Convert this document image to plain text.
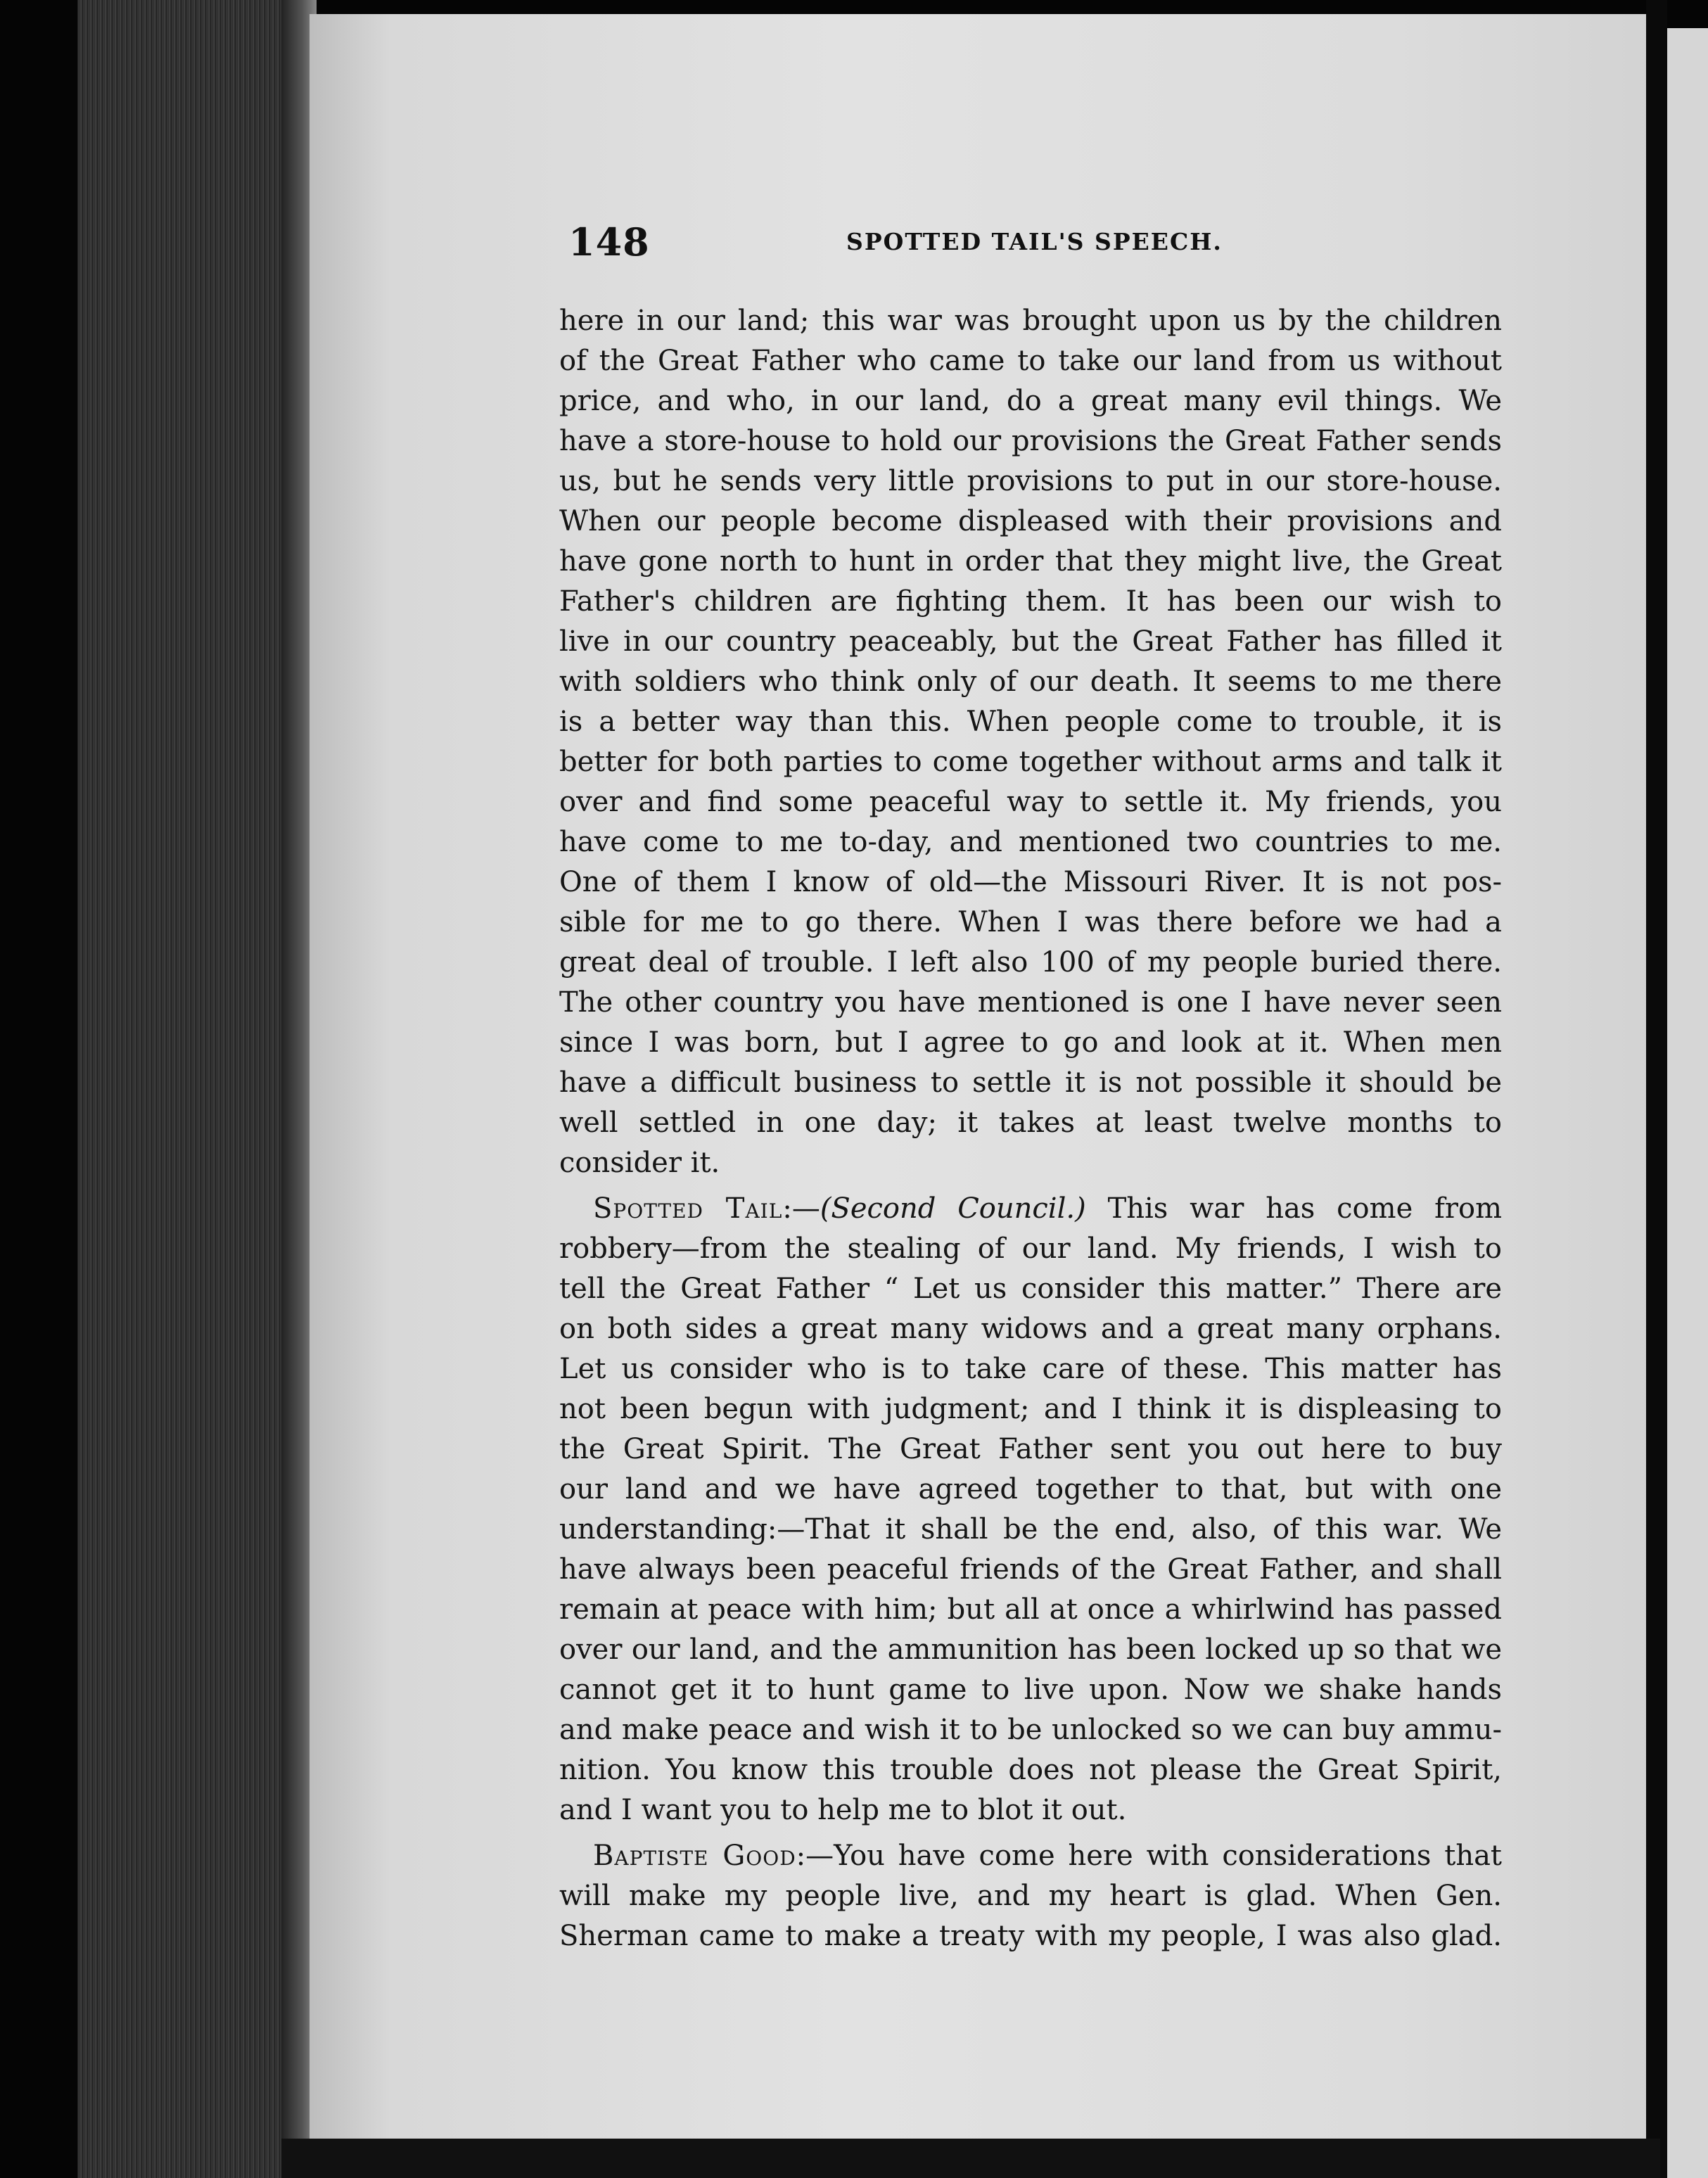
148	SPOTTED TAIL'S SPEECH.
here in our land; this war was brought upon us by the children
of the Great Father who came to take our land from us without
price, and who, in our land, do a great many evil things. We
have a store-house to hold our provisions the Great Father sends
us, but he sends very little provisions to put in our store-house.
When our people become displeased with their provisions and
have gone north to hunt in order that they might live, the Great
Father's children are fighting them. It has been our wish to
live in our country peaceably, but the Great Father has filled it
with soldiers who think only of our death. It seems to me there
is a better way than this. When people come to trouble, it is
better for both parties to come together without arms and talk it
over and find some peaceful way to settle it. My friends, you
have come to me to-day, and mentioned two countries to me.
One of them I know of old—the Missouri River. It is not pos-
sible for me to go there. When I was there before we had a
great deal of trouble. I left also 100 of my people buried there.
The other country you have mentioned is one I have never seen
since I was born, but I agree to go and look at it. When men
have a difficult business to settle it is not possible it should be
well settled in one day; it takes at least twelve months to
consider it.
Spotted Tail:—(Second Council.) This war has come from
robbery—from the stealing of our land. My friends, I wish to
tell the Great Father “ Let us consider this matter.” There are
on both sides a great many widows and a great many orphans.
Let us consider who is to take care of these. This matter has
not been begun with judgment; and I think it is displeasing to
the Great Spirit. The Great Father sent you out here to buy
our land and we have agreed together to that, but with one
understanding:—That it shall be the end, also, of this war. We
have always been peaceful friends of the Great Father, and shall
remain at peace with him; but all at once a whirlwind has passed
over our land, and the ammunition has been locked up so that we
cannot get it to hunt game to live upon. Now we shake hands
and make peace and wish it to be unlocked so we can buy ammu-
nition. You know this trouble does not please the Great Spirit,
and I want you to help me to blot it out.
Baptiste Good:—You have come here with considerations that
will make my people live, and my heart is glad. When Gen.
Sherman came to make a treaty with my people, I was also glad.
